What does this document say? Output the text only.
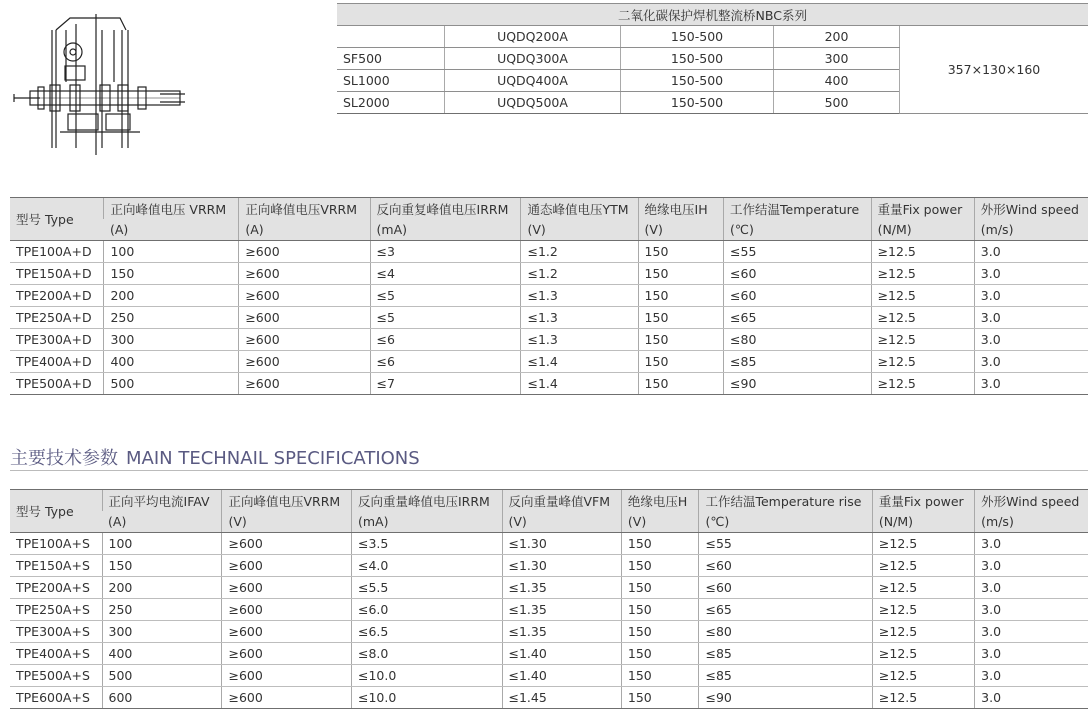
二氧化碳保护焊机整流桥NBC系列				
	UQDQ200A	150-500	200	357×130×160
SF500	UQDQ300A	150-500	300	
SL1000	UQDQ400A	150-500	400	
SL2000	UQDQ500A	150-500	500	
型号 Type	正向峰值电压 VRRM	正向峰值电压VRRM	反向重复峰值电压IRRM	通态峰值电压YTM	绝缘电压IH	工作结温Temperature	重量Fix power	外形Wind speed
	(A)	(A)	(mA)	(V)	(V)	(℃)	(N/M)	(m/s)
TPE100A+D	100	≥600	≤3	≤1.2	150	≤55	≥12.5	3.0
TPE150A+D	150	≥600	≤4	≤1.2	150	≤60	≥12.5	3.0
TPE200A+D	200	≥600	≤5	≤1.3	150	≤60	≥12.5	3.0
TPE250A+D	250	≥600	≤5	≤1.3	150	≤65	≥12.5	3.0
TPE300A+D	300	≥600	≤6	≤1.3	150	≤80	≥12.5	3.0
TPE400A+D	400	≥600	≤6	≤1.4	150	≤85	≥12.5	3.0
TPE500A+D	500	≥600	≤7	≤1.4	150	≤90	≥12.5	3.0
主要技术参数 MAIN TECHNAIL SPECIFICATIONS
型号 Type	正向平均电流IFAV	正向峰值电压VRRM	反向重量峰值电压IRRM	反向重量峰值VFM	绝缘电压H	工作结温Temperature rise	重量Fix power	外形Wind speed
	(A)	(V)	(mA)	(V)	(V)	(℃)	(N/M)	(m/s)
TPE100A+S	100	≥600	≤3.5	≤1.30	150	≤55	≥12.5	3.0
TPE150A+S	150	≥600	≤4.0	≤1.30	150	≤60	≥12.5	3.0
TPE200A+S	200	≥600	≤5.5	≤1.35	150	≤60	≥12.5	3.0
TPE250A+S	250	≥600	≤6.0	≤1.35	150	≤65	≥12.5	3.0
TPE300A+S	300	≥600	≤6.5	≤1.35	150	≤80	≥12.5	3.0
TPE400A+S	400	≥600	≤8.0	≤1.40	150	≤85	≥12.5	3.0
TPE500A+S	500	≥600	≤10.0	≤1.40	150	≤85	≥12.5	3.0
TPE600A+S	600	≥600	≤10.0	≤1.45	150	≤90	≥12.5	3.0
